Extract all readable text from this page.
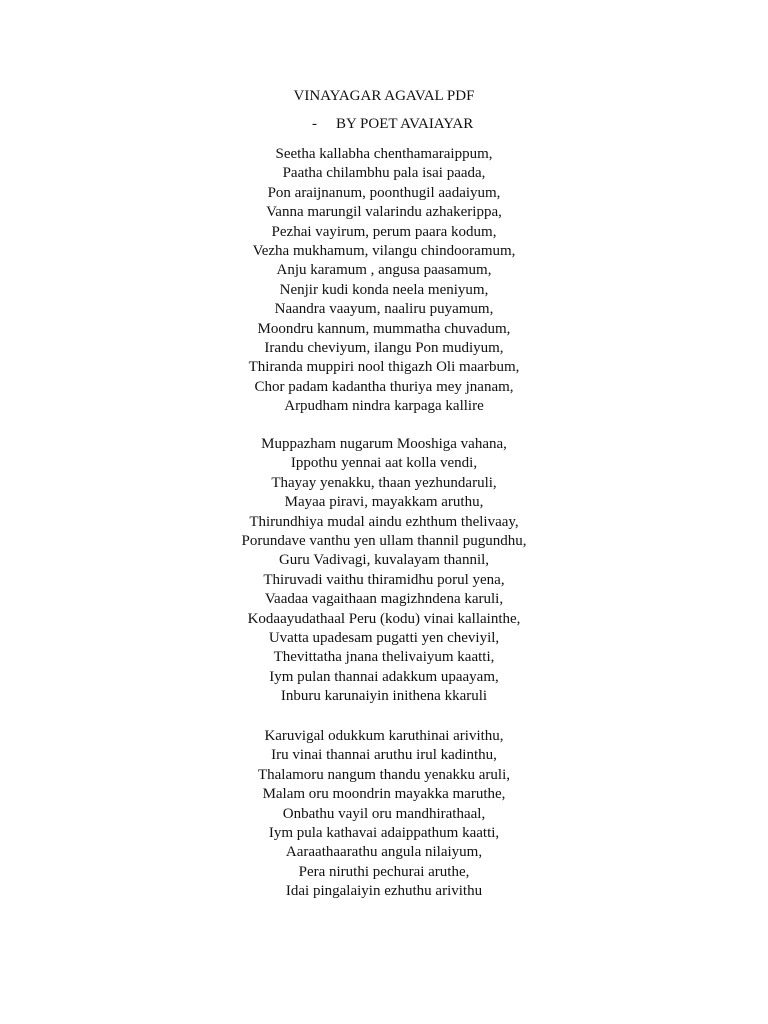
VINAYAGAR AGAVAL PDF
- BY POET AVAIAYAR
Seetha kallabha chenthamaraippum,
Paatha chilambhu pala isai paada,
Pon araijnanum, poonthugil aadaiyum,
Vanna marungil valarindu azhakerippa,
Pezhai vayirum, perum paara kodum,
Vezha mukhamum, vilangu chindooramum,
Anju karamum , angusa paasamum,
Nenjir kudi konda neela meniyum,
Naandra vaayum, naaliru puyamum,
Moondru kannum, mummatha chuvadum,
Irandu cheviyum, ilangu Pon mudiyum,
Thiranda muppiri nool thigazh Oli maarbum,
Chor padam kadantha thuriya mey jnanam,
Arpudham nindra karpaga kallire
Muppazham nugarum Mooshiga vahana,
Ippothu yennai aat kolla vendi,
Thayay yenakku, thaan yezhundaruli,
Mayaa piravi, mayakkam aruthu,
Thirundhiya mudal aindu ezhthum thelivaay,
Porundave vanthu yen ullam thannil pugundhu,
Guru Vadivagi, kuvalayam thannil,
Thiruvadi vaithu thiramidhu porul yena,
Vaadaa vagaithaan magizhndena karuli,
Kodaayudathaal Peru (kodu) vinai kallainthe,
Uvatta upadesam pugatti yen cheviyil,
Thevittatha jnana thelivaiyum kaatti,
Iym pulan thannai adakkum upaayam,
Inburu karunaiyin inithena kkaruli
Karuvigal odukkum karuthinai arivithu,
Iru vinai thannai aruthu irul kadinthu,
Thalamoru nangum thandu yenakku aruli,
Malam oru moondrin mayakka maruthe,
Onbathu vayil oru mandhirathaal,
Iym pula kathavai adaippathum kaatti,
Aaraathaarathu angula nilaiyum,
Pera niruthi pechurai aruthe,
Idai pingalaiyin ezhuthu arivithu
